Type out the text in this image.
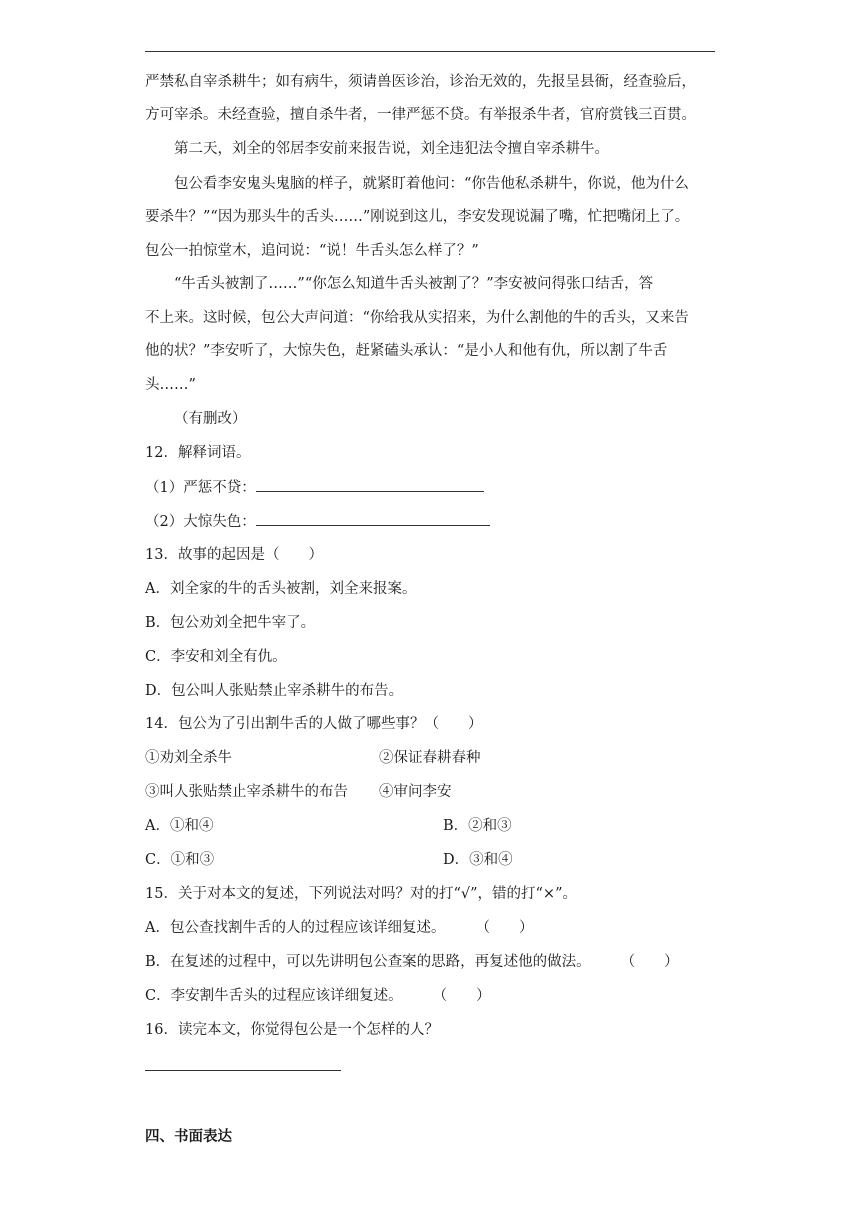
严禁私自宰杀耕牛；如有病牛，须请兽医诊治，诊治无效的，先报呈县衙，经查验后，
方可宰杀。未经查验，擅自杀牛者，一律严惩不贷。有举报杀牛者，官府赏钱三百贯。
第二天，刘全的邻居李安前来报告说，刘全违犯法令擅自宰杀耕牛。
包公看李安鬼头鬼脑的样子，就紧盯着他问：“你告他私杀耕牛，你说，他为什么
要杀牛？”“因为那头牛的舌头……”刚说到这儿，李安发现说漏了嘴，忙把嘴闭上了。
包公一拍惊堂木，追问说：“说！牛舌头怎么样了？”
“牛舌头被割了……”“你怎么知道牛舌头被割了？”李安被问得张口结舌，答
不上来。这时候，包公大声问道：“你给我从实招来，为什么割他的牛的舌头，又来告
他的状？”李安听了，大惊失色，赶紧磕头承认：“是小人和他有仇，所以割了牛舌
头……”
（有删改）
12．解释词语。
（1）严惩不贷：
（2）大惊失色：
13．故事的起因是（　　）
A．刘全家的牛的舌头被割，刘全来报案。
B．包公劝刘全把牛宰了。
C．李安和刘全有仇。
D．包公叫人张贴禁止宰杀耕牛的布告。
14．包公为了引出割牛舌的人做了哪些事？（　　）
①劝刘全杀牛	②保证春耕春种
③叫人张贴禁止宰杀耕牛的布告 ④审问李安
A．①和④	B．②和③
C．①和③	D．③和④
15．关于对本文的复述，下列说法对吗？对的打“√”，错的打“×”。
A．包公查找割牛舌的人的过程应该详细复述。 （　　）
B．在复述的过程中，可以先讲明包公查案的思路，再复述他的做法。 （　　）
C．李安割牛舌头的过程应该详细复述。 （　　）
16．读完本文，你觉得包公是一个怎样的人？
四、书面表达
